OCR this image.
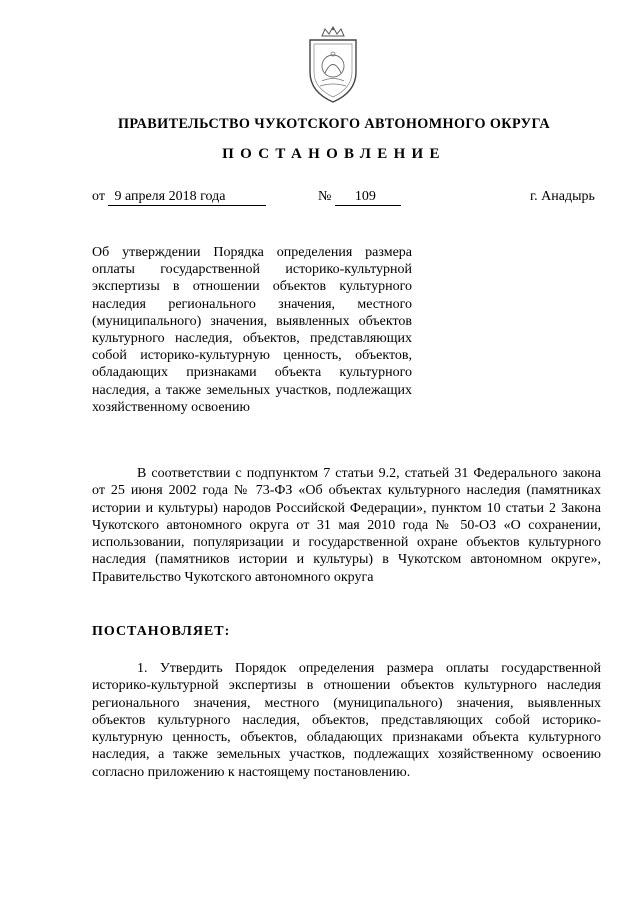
ПРАВИТЕЛЬСТВО ЧУКОТСКОГО АВТОНОМНОГО ОКРУГА
ПОСТАНОВЛЕНИЕ
от 9 апреля 2018 года	№ 109	г. Анадырь
Об утверждении Порядка определения размера оплаты государственной историко-культурной экспертизы в отношении объектов культурного наследия регионального значения, местного (муниципального) значения, выявленных объектов культурного наследия, объектов, представляющих собой историко-культурную ценность, объектов, обладающих признаками объекта культурного наследия, а также земельных участков, подлежащих хозяйственному освоению
В соответствии с подпунктом 7 статьи 9.2, статьей 31 Федерального закона от 25 июня 2002 года № 73-ФЗ «Об объектах культурного наследия (памятниках истории и культуры) народов Российской Федерации», пунктом 10 статьи 2 Закона Чукотского автономного округа от 31 мая 2010 года № 50-ОЗ «О сохранении, использовании, популяризации и государственной охране объектов культурного наследия (памятников истории и культуры) в Чукотском автономном округе», Правительство Чукотского автономного округа
ПОСТАНОВЛЯЕТ:
1. Утвердить Порядок определения размера оплаты государственной историко-культурной экспертизы в отношении объектов культурного наследия регионального значения, местного (муниципального) значения, выявленных объектов культурного наследия, объектов, представляющих собой историко-культурную ценность, объектов, обладающих признаками объекта культурного наследия, а также земельных участков, подлежащих хозяйственному освоению согласно приложению к настоящему постановлению.
